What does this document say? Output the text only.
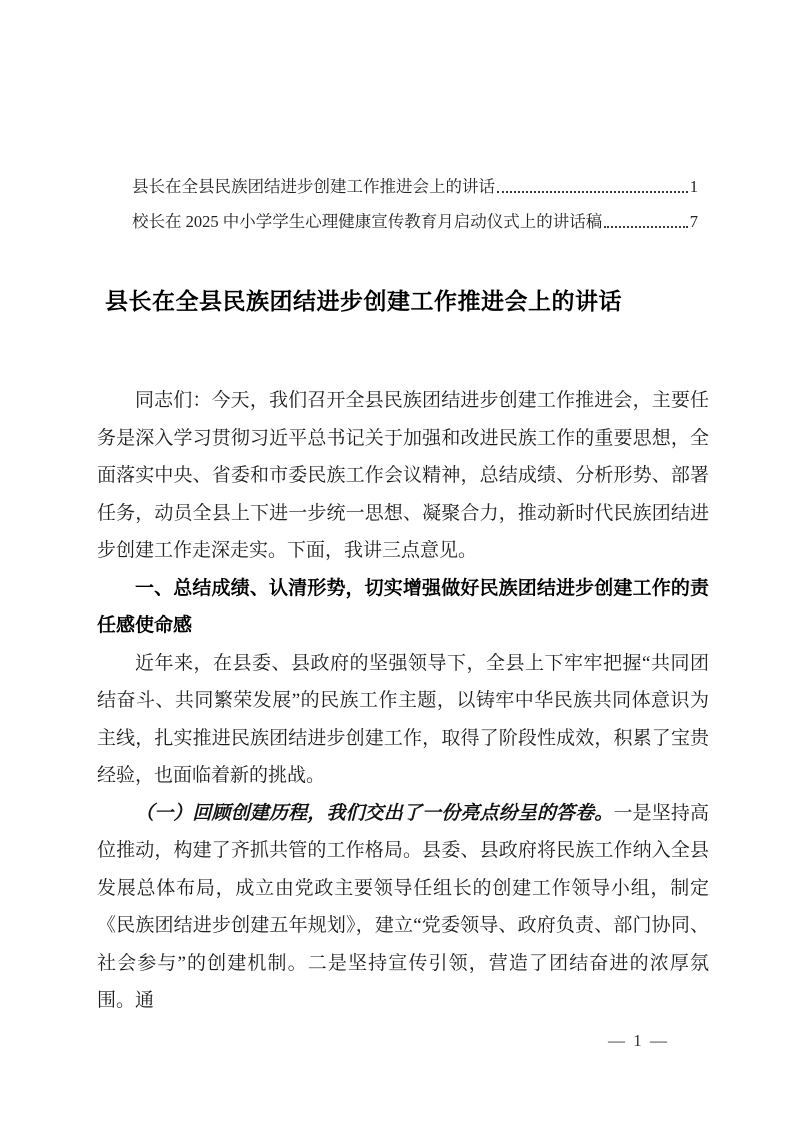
县长在全县民族团结进步创建工作推进会上的讲话	1
校长在 2025 中小学学生心理健康宣传教育月启动仪式上的讲话稿	7
县长在全县民族团结进步创建工作推进会上的讲话

同志们：今天，我们召开全县民族团结进步创建工作推进会，主要任务是深入学习贯彻习近平总书记关于加强和改进民族工作的重要思想，全面落实中央、省委和市委民族工作会议精神，总结成绩、分析形势、部署任务，动员全县上下进一步统一思想、凝聚合力，推动新时代民族团结进步创建工作走深走实。下面，我讲三点意见。

一、总结成绩、认清形势，切实增强做好民族团结进步创建工作的责任感使命感

近年来，在县委、县政府的坚强领导下，全县上下牢牢把握“共同团结奋斗、共同繁荣发展”的民族工作主题，以铸牢中华民族共同体意识为主线，扎实推进民族团结进步创建工作，取得了阶段性成效，积累了宝贵经验，也面临着新的挑战。

（一）回顾创建历程，我们交出了一份亮点纷呈的答卷。一是坚持高位推动，构建了齐抓共管的工作格局。县委、县政府将民族工作纳入全县发展总体布局，成立由党政主要领导任组长的创建工作领导小组，制定《民族团结进步创建五年规划》，建立“党委领导、政府负责、部门协同、社会参与”的创建机制。二是坚持宣传引领，营造了团结奋进的浓厚氛围。通

— 1 —
